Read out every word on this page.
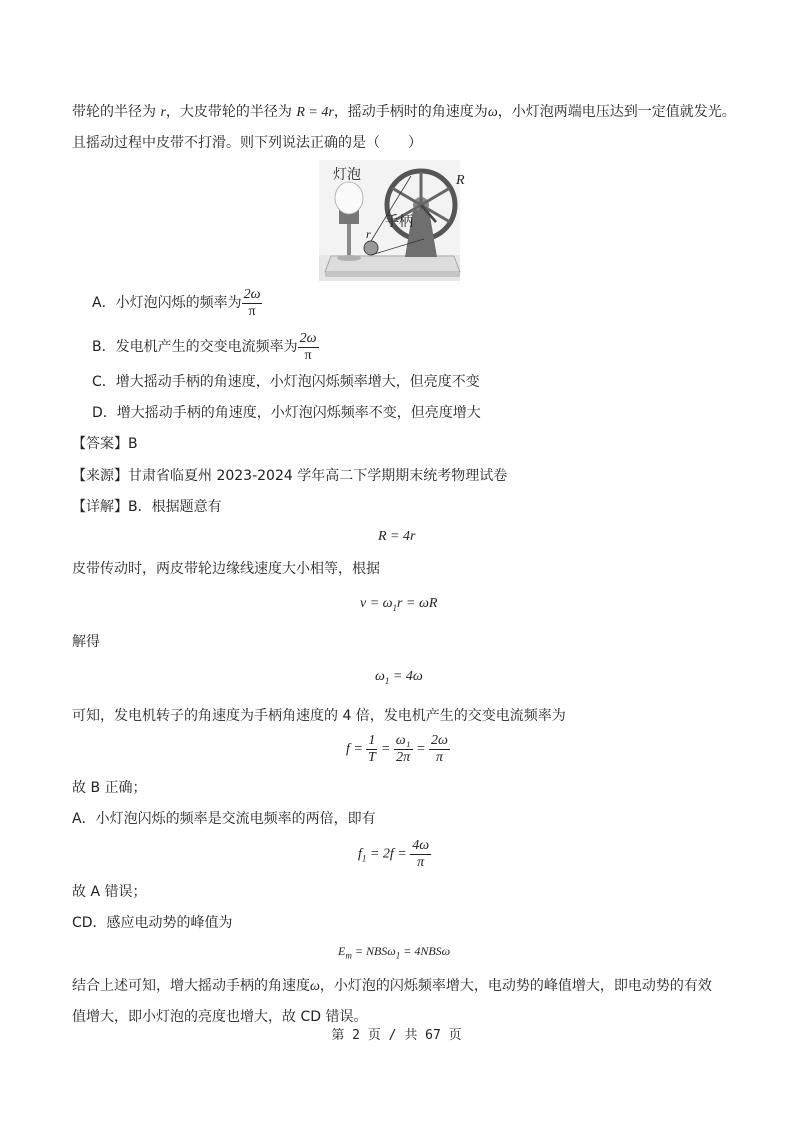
带轮的半径为 r，大皮带轮的半径为 R = 4r，摇动手柄时的角速度为ω，小灯泡两端电压达到一定值就发光。
且摇动过程中皮带不打滑。则下列说法正确的是（　　）
灯泡	R
手柄
r
A．小灯泡闪烁的频率为 $\frac{2\omega}{\pi}$
B．发电机产生的交变电流频率为 $\frac{2\omega}{\pi}$
C．增大摇动手柄的角速度，小灯泡闪烁频率增大，但亮度不变
D．增大摇动手柄的角速度，小灯泡闪烁频率不变，但亮度增大
【答案】B
【来源】甘肃省临夏州 2023-2024 学年高二下学期期末统考物理试卷
【详解】B．根据题意有
R = 4r
皮带传动时，两皮带轮边缘线速度大小相等，根据
$v = \omega_1r = \omega R$
解得
$\omega_1 = 4\omega$
可知，发电机转子的角速度为手柄角速度的 4 倍，发电机产生的交变电流频率为
$f = \frac{1}{T} = \frac{\text{ω₁}}{2\pi} = \frac{2\omega}{\pi}$
故 B 正确；
A．小灯泡闪烁的频率是交流电频率的两倍，即有
$f_1 = 2f = \frac{4\omega}{\pi}$
故 A 错误；
CD．感应电动势的峰值为
$E_m = NBS\omega_1 = 4NBS\omega$
结合上述可知，增大摇动手柄的角速度ω，小灯泡的闪烁频率增大，电动势的峰值增大，即电动势的有效
值增大，即小灯泡的亮度也增大，故 CD 错误。
第 2 页 / 共 67 页
